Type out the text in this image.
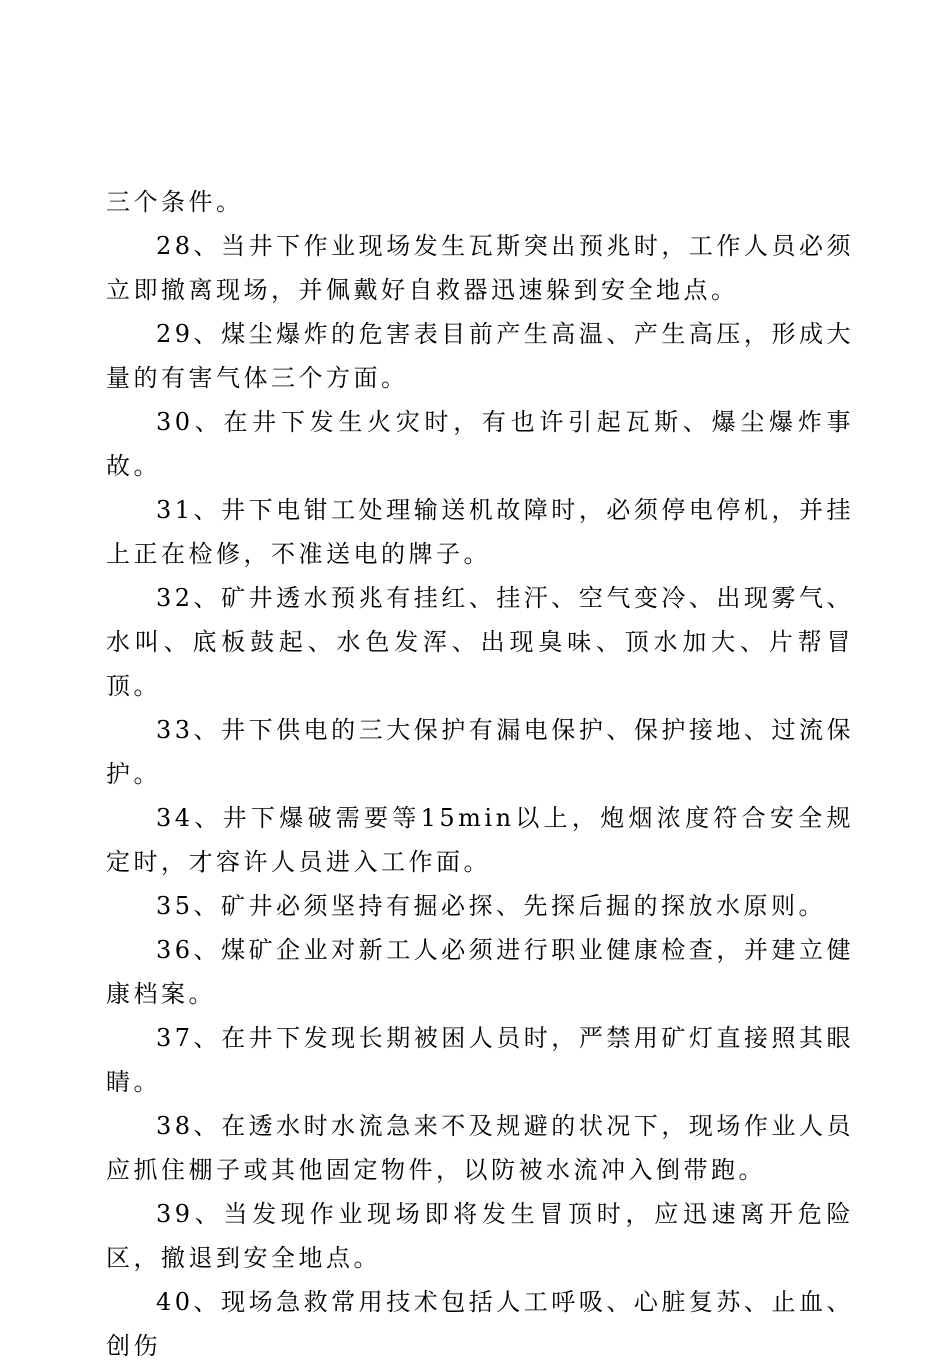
三个条件。

28、当井下作业现场发生瓦斯突出预兆时，工作人员必须立即撤离现场，并佩戴好自救器迅速躲到安全地点。

29、煤尘爆炸的危害表目前产生高温、产生高压，形成大量的有害气体三个方面。

30、在井下发生火灾时，有也许引起瓦斯、爆尘爆炸事故。

31、井下电钳工处理输送机故障时，必须停电停机，并挂上正在检修，不准送电的牌子。

32、矿井透水预兆有挂红、挂汗、空气变冷、出现雾气、水叫、底板鼓起、水色发浑、出现臭味、顶水加大、片帮冒顶。

33、井下供电的三大保护有漏电保护、保护接地、过流保护。

34、井下爆破需要等15min以上，炮烟浓度符合安全规定时，才容许人员进入工作面。

35、矿井必须坚持有掘必探、先探后掘的探放水原则。

36、煤矿企业对新工人必须进行职业健康检查，并建立健康档案。

37、在井下发现长期被困人员时，严禁用矿灯直接照其眼睛。

38、在透水时水流急来不及规避的状况下，现场作业人员应抓住棚子或其他固定物件，以防被水流冲入倒带跑。

39、当发现作业现场即将发生冒顶时，应迅速离开危险区，撤退到安全地点。

40、现场急救常用技术包括人工呼吸、心脏复苏、止血、创伤
